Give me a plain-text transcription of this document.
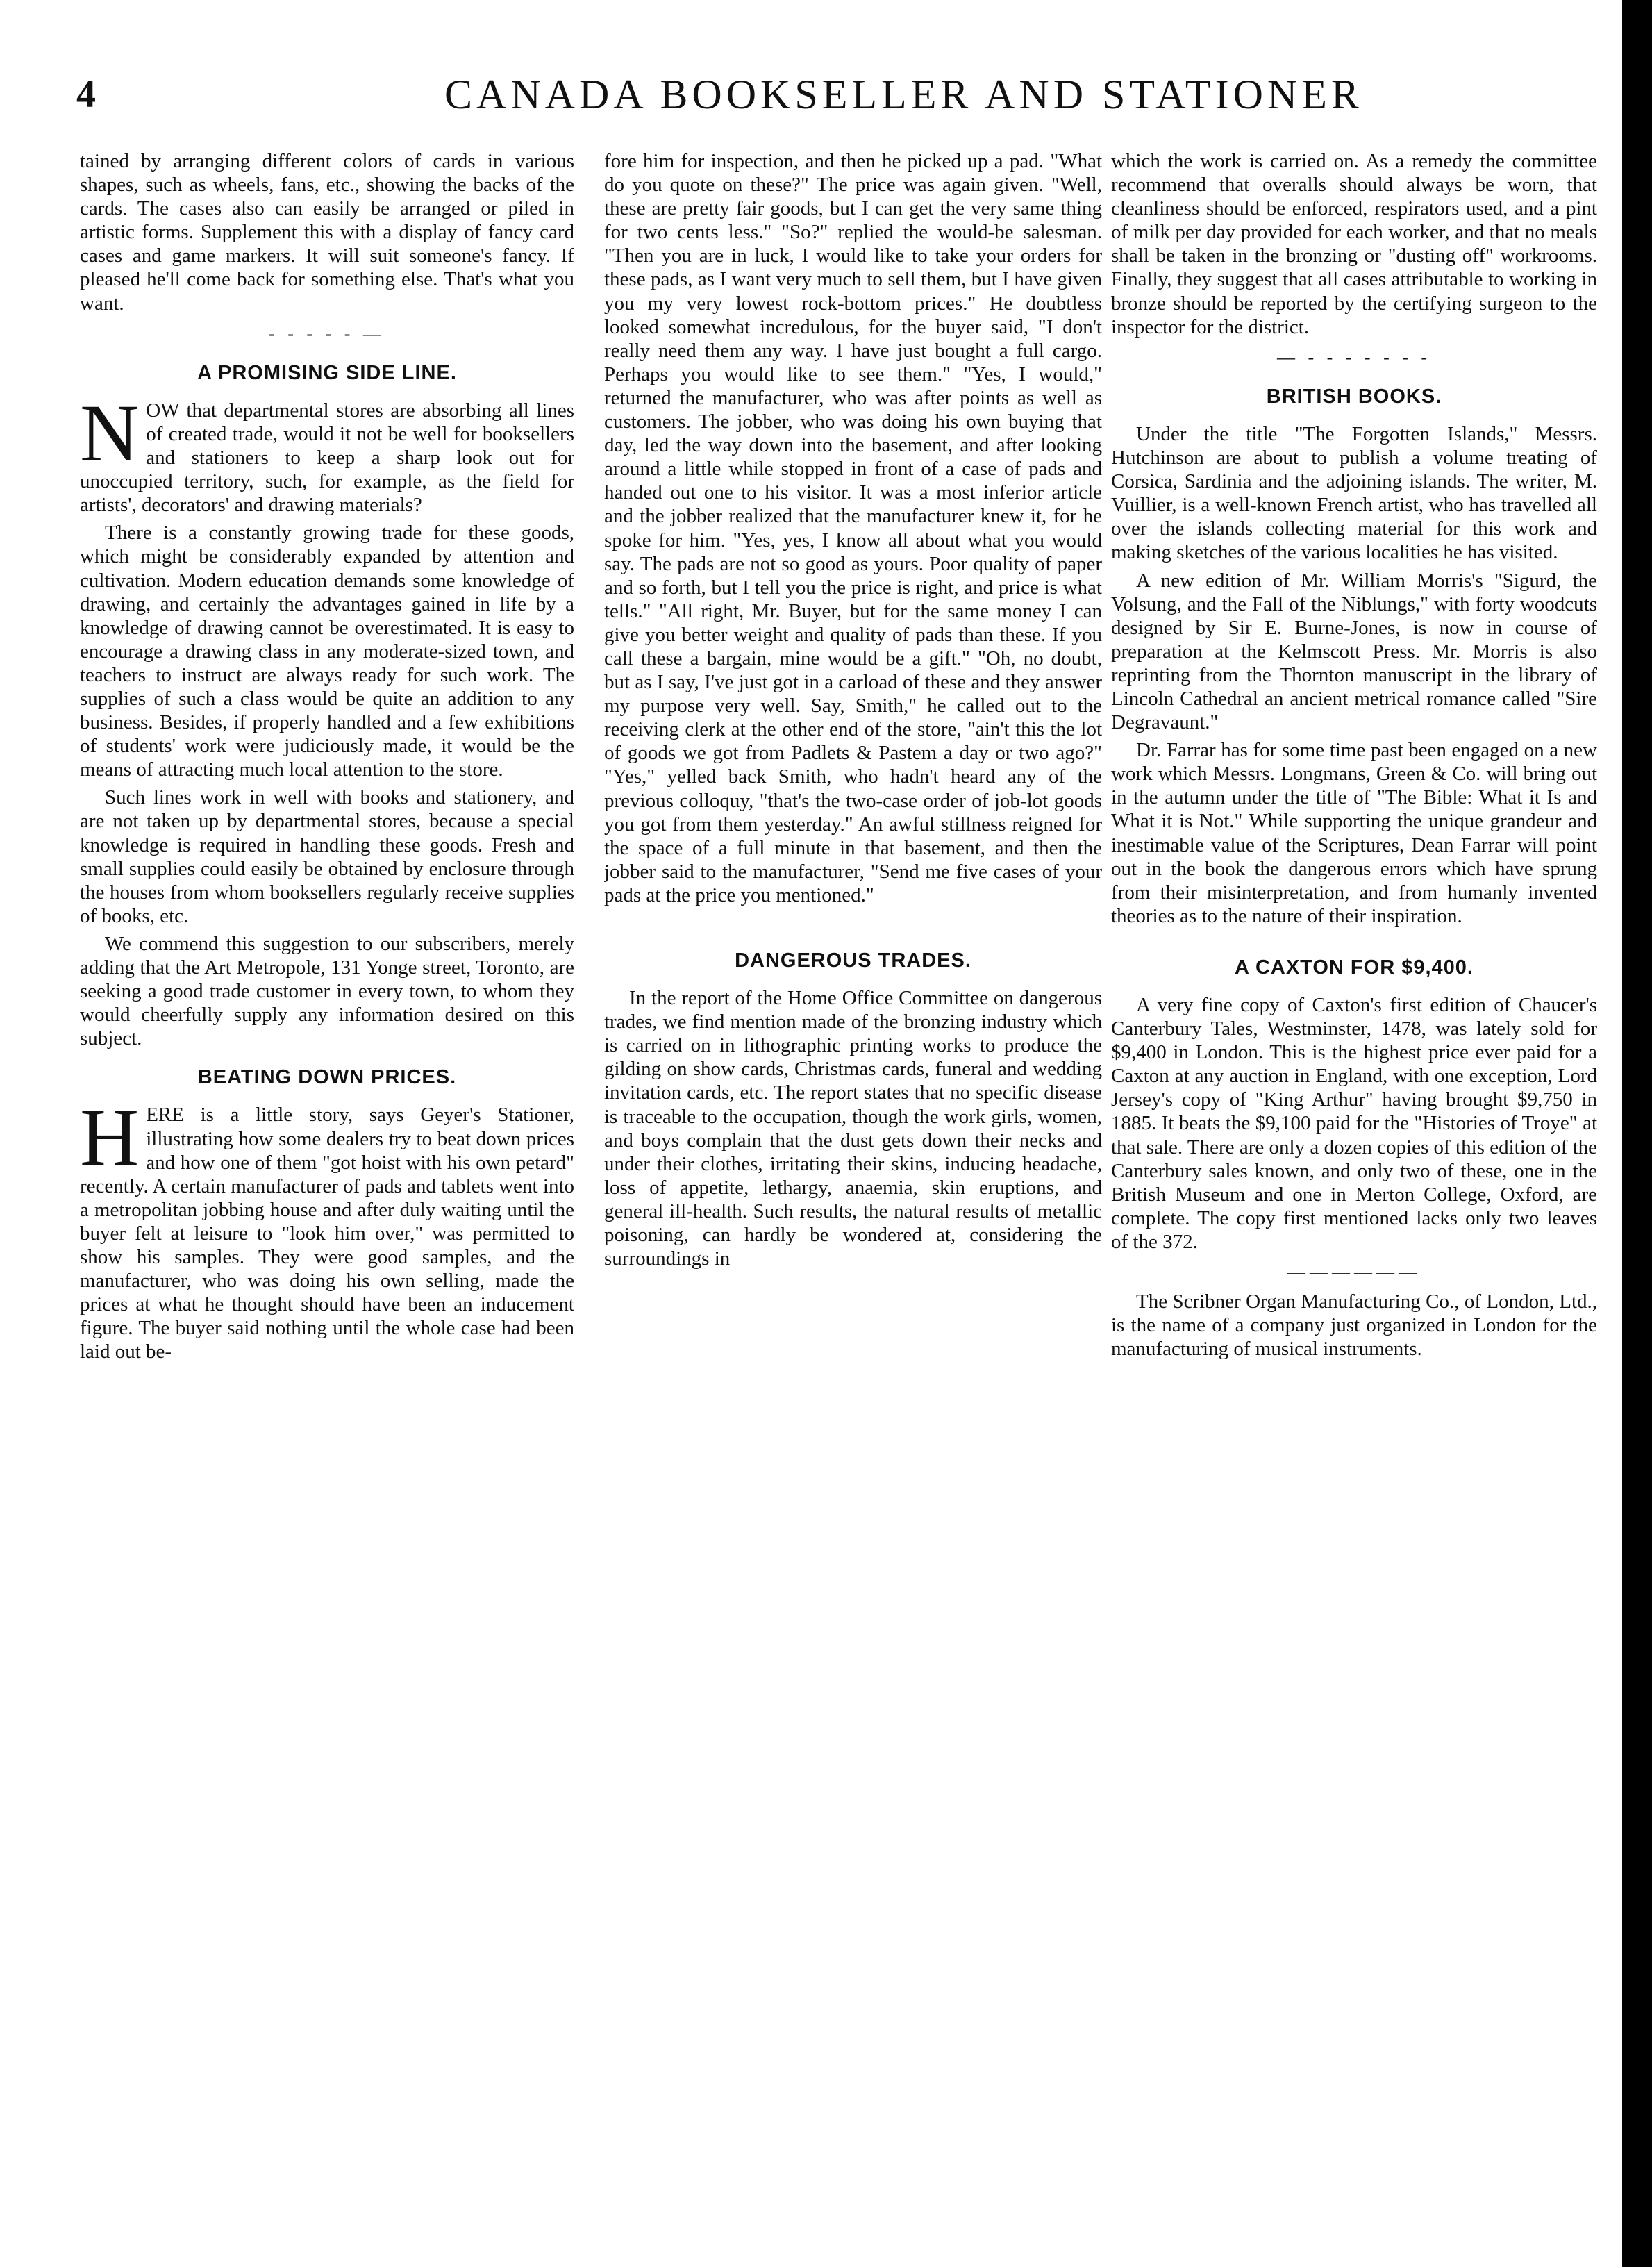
4	CANADA BOOKSELLER AND STATIONER

tained by arranging different colors of cards in various shapes, such as wheels, fans, etc., showing the backs of the cards. The cases also can easily be arranged or piled in artistic forms. Supplement this with a display of fancy card cases and game markers. It will suit someone's fancy. If pleased he'll come back for something else. That's what you want.

- - - - - —
A PROMISING SIDE LINE.

NOW that departmental stores are absorbing all lines of created trade, would it not be well for booksellers and stationers to keep a sharp look out for unoccupied territory, such, for example, as the field for artists', decorators' and drawing materials?

There is a constantly growing trade for these goods, which might be considerably expanded by attention and cultivation. Modern education demands some knowledge of drawing, and certainly the advantages gained in life by a knowledge of drawing cannot be overestimated. It is easy to encourage a drawing class in any moderate-sized town, and teachers to instruct are always ready for such work. The supplies of such a class would be quite an addition to any business. Besides, if properly handled and a few exhibitions of students' work were judiciously made, it would be the means of attracting much local attention to the store.

Such lines work in well with books and stationery, and are not taken up by departmental stores, because a special knowledge is required in handling these goods. Fresh and small supplies could easily be obtained by enclosure through the houses from whom booksellers regularly receive supplies of books, etc.

We commend this suggestion to our subscribers, merely adding that the Art Metropole, 131 Yonge street, Toronto, are seeking a good trade customer in every town, to whom they would cheerfully supply any information desired on this subject.

BEATING DOWN PRICES.

HERE is a little story, says Geyer's Stationer, illustrating how some dealers try to beat down prices and how one of them "got hoist with his own petard" recently. A certain manufacturer of pads and tablets went into a metropolitan jobbing house and after duly waiting until the buyer felt at leisure to "look him over," was permitted to show his samples. They were good samples, and the manufacturer, who was doing his own selling, made the prices at what he thought should have been an inducement figure. The buyer said nothing until the whole case had been laid out be-

fore him for inspection, and then he picked up a pad. "What do you quote on these?" The price was again given. "Well, these are pretty fair goods, but I can get the very same thing for two cents less." "So?" replied the would-be salesman. "Then you are in luck, I would like to take your orders for these pads, as I want very much to sell them, but I have given you my very lowest rock-bottom prices." He doubtless looked somewhat incredulous, for the buyer said, "I don't really need them any way. I have just bought a full cargo. Perhaps you would like to see them." "Yes, I would," returned the manufacturer, who was after points as well as customers. The jobber, who was doing his own buying that day, led the way down into the basement, and after looking around a little while stopped in front of a case of pads and handed out one to his visitor. It was a most inferior article and the jobber realized that the manufacturer knew it, for he spoke for him. "Yes, yes, I know all about what you would say. The pads are not so good as yours. Poor quality of paper and so forth, but I tell you the price is right, and price is what tells." "All right, Mr. Buyer, but for the same money I can give you better weight and quality of pads than these. If you call these a bargain, mine would be a gift." "Oh, no doubt, but as I say, I've just got in a carload of these and they answer my purpose very well. Say, Smith," he called out to the receiving clerk at the other end of the store, "ain't this the lot of goods we got from Padlets & Pastem a day or two ago?" "Yes," yelled back Smith, who hadn't heard any of the previous colloquy, "that's the two-case order of job-lot goods you got from them yesterday." An awful stillness reigned for the space of a full minute in that basement, and then the jobber said to the manufacturer, "Send me five cases of your pads at the price you mentioned."

DANGEROUS TRADES.

In the report of the Home Office Committee on dangerous trades, we find mention made of the bronzing industry which is carried on in lithographic printing works to produce the gilding on show cards, Christmas cards, funeral and wedding invitation cards, etc. The report states that no specific disease is traceable to the occupation, though the work girls, women, and boys complain that the dust gets down their necks and under their clothes, irritating their skins, inducing headache, loss of appetite, lethargy, anaemia, skin eruptions, and general ill-health. Such results, the natural results of metallic poisoning, can hardly be wondered at, considering the surroundings in

which the work is carried on. As a remedy the committee recommend that overalls should always be worn, that cleanliness should be enforced, respirators used, and a pint of milk per day provided for each worker, and that no meals shall be taken in the bronzing or "dusting off" workrooms. Finally, they suggest that all cases attributable to working in bronze should be reported by the certifying surgeon to the inspector for the district.

— - - - - - - -
BRITISH BOOKS.

Under the title "The Forgotten Islands," Messrs. Hutchinson are about to publish a volume treating of Corsica, Sardinia and the adjoining islands. The writer, M. Vuillier, is a well-known French artist, who has travelled all over the islands collecting material for this work and making sketches of the various localities he has visited.

A new edition of Mr. William Morris's "Sigurd, the Volsung, and the Fall of the Niblungs," with forty woodcuts designed by Sir E. Burne-Jones, is now in course of preparation at the Kelmscott Press. Mr. Morris is also reprinting from the Thornton manuscript in the library of Lincoln Cathedral an ancient metrical romance called "Sire Degravaunt."

Dr. Farrar has for some time past been engaged on a new work which Messrs. Longmans, Green & Co. will bring out in the autumn under the title of "The Bible: What it Is and What it is Not." While supporting the unique grandeur and inestimable value of the Scriptures, Dean Farrar will point out in the book the dangerous errors which have sprung from their misinterpretation, and from humanly invented theories as to the nature of their inspiration.

A CAXTON FOR $9,400.

A very fine copy of Caxton's first edition of Chaucer's Canterbury Tales, Westminster, 1478, was lately sold for $9,400 in London. This is the highest price ever paid for a Caxton at any auction in England, with one exception, Lord Jersey's copy of "King Arthur" having brought $9,750 in 1885. It beats the $9,100 paid for the "Histories of Troye" at that sale. There are only a dozen copies of this edition of the Canterbury sales known, and only two of these, one in the British Museum and one in Merton College, Oxford, are complete. The copy first mentioned lacks only two leaves of the 372.

——————

The Scribner Organ Manufacturing Co., of London, Ltd., is the name of a company just organized in London for the manufacturing of musical instruments.
